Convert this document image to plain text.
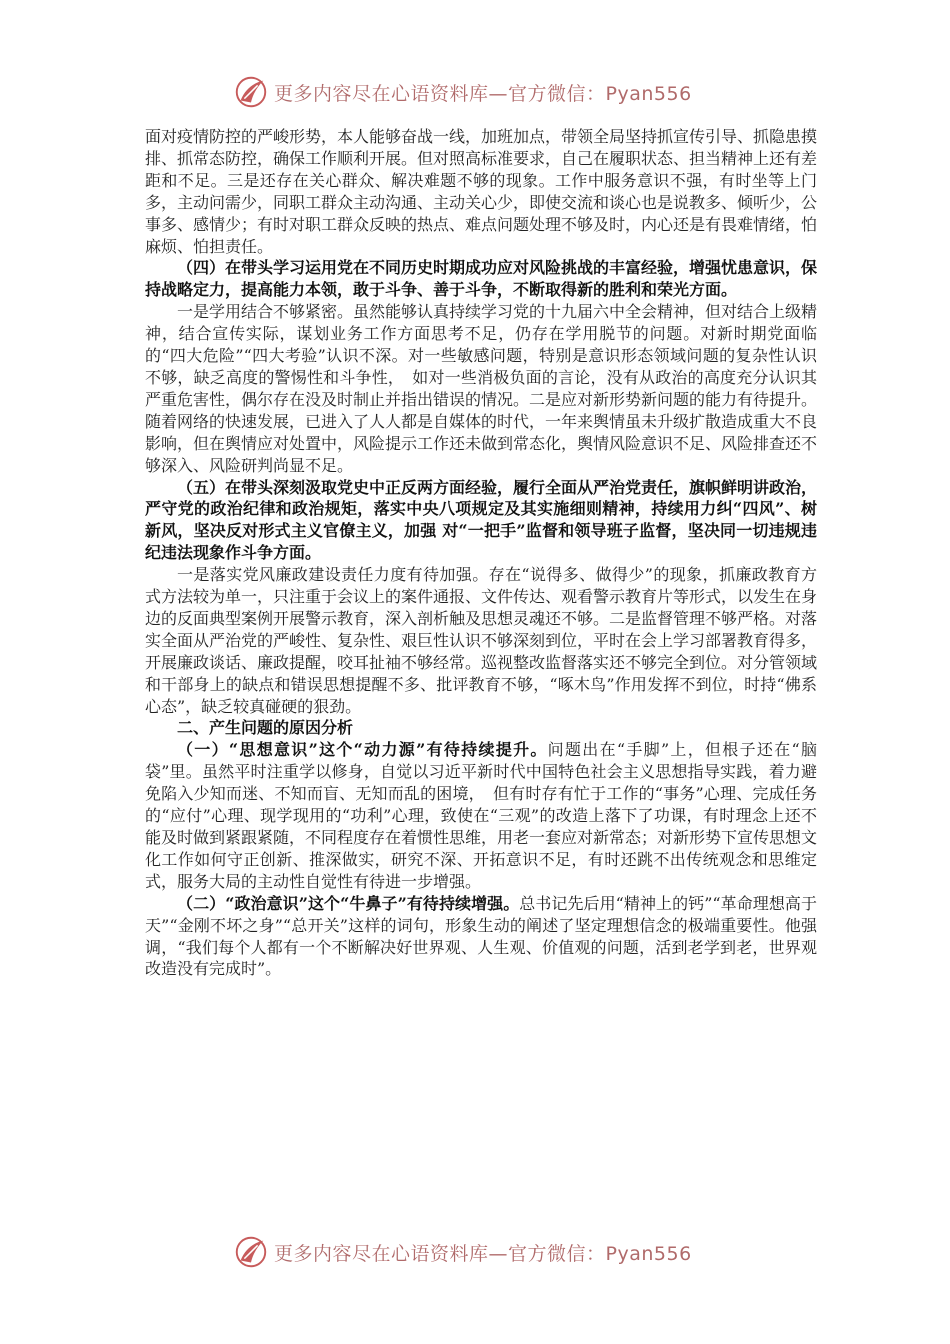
更多内容尽在心语资料库—官方微信：Pyan556

面对疫情防控的严峻形势，本人能够奋战一线，加班加点，带领全局坚持抓宣传引导、抓隐患摸排、抓常态防控，确保工作顺利开展。但对照高标准要求，自己在履职状态、担当精神上还有差距和不足。三是还存在关心群众、解决难题不够的现象。工作中服务意识不强，有时坐等上门多，主动问需少，同职工群众主动沟通、主动关心少，即使交流和谈心也是说教多、倾听少，公事多、感情少；有时对职工群众反映的热点、难点问题处理不够及时，内心还是有畏难情绪，怕麻烦、怕担责任。

（四）在带头学习运用党在不同历史时期成功应对风险挑战的丰富经验，增强忧患意识，保持战略定力，提高能力本领，敢于斗争、善于斗争，不断取得新的胜利和荣光方面。

一是学用结合不够紧密。虽然能够认真持续学习党的十九届六中全会精神，但对结合上级精神，结合宣传实际，谋划业务工作方面思考不足，仍存在学用脱节的问题。对新时期党面临的“四大危险”“四大考验”认识不深。对一些敏感问题，特别是意识形态领域问题的复杂性认识不够，缺乏高度的警惕性和斗争性，　如对一些消极负面的言论，没有从政治的高度充分认识其严重危害性，偶尔存在没及时制止并指出错误的情况。二是应对新形势新问题的能力有待提升。随着网络的快速发展，已进入了人人都是自媒体的时代，一年来舆情虽未升级扩散造成重大不良影响，但在舆情应对处置中，风险提示工作还未做到常态化，舆情风险意识不足、风险排查还不够深入、风险研判尚显不足。

（五）在带头深刻汲取党史中正反两方面经验，履行全面从严治党责任，旗帜鲜明讲政治，严守党的政治纪律和政治规矩，落实中央八项规定及其实施细则精神，持续用力纠“四风”、树新风，坚决反对形式主义官僚主义，加强 对“一把手”监督和领导班子监督，坚决同一切违规违纪违法现象作斗争方面。

一是落实党风廉政建设责任力度有待加强。存在“说得多、做得少”的现象，抓廉政教育方式方法较为单一，只注重于会议上的案件通报、文件传达、观看警示教育片等形式，以发生在身边的反面典型案例开展警示教育，深入剖析触及思想灵魂还不够。二是监督管理不够严格。对落实全面从严治党的严峻性、复杂性、艰巨性认识不够深刻到位，平时在会上学习部署教育得多，开展廉政谈话、廉政提醒，咬耳扯袖不够经常。巡视整改监督落实还不够完全到位。对分管领域和干部身上的缺点和错误思想提醒不多、批评教育不够，“啄木鸟”作用发挥不到位，时持“佛系心态”，缺乏较真碰硬的狠劲。

二、产生问题的原因分析

（一）“思想意识”这个“动力源”有待持续提升。问题出在“手脚”上，但根子还在“脑袋”里。虽然平时注重学以修身，自觉以习近平新时代中国特色社会主义思想指导实践，着力避免陷入少知而迷、不知而盲、无知而乱的困境，　但有时存有忙于工作的“事务”心理、完成任务的“应付”心理、现学现用的“功利”心理，致使在“三观”的改造上落下了功课，有时理念上还不能及时做到紧跟紧随，不同程度存在着惯性思维，用老一套应对新常态；对新形势下宣传思想文化工作如何守正创新、推深做实，研究不深、开拓意识不足，有时还跳不出传统观念和思维定式，服务大局的主动性自觉性有待进一步增强。

（二）“政治意识”这个“牛鼻子”有待持续增强。总书记先后用“精神上的钙”“革命理想高于天”“金刚不坏之身”“总开关”这样的词句，形象生动的阐述了坚定理想信念的极端重要性。他强调，“我们每个人都有一个不断解决好世界观、人生观、价值观的问题，活到老学到老，世界观改造没有完成时”。

更多内容尽在心语资料库—官方微信：Pyan556
